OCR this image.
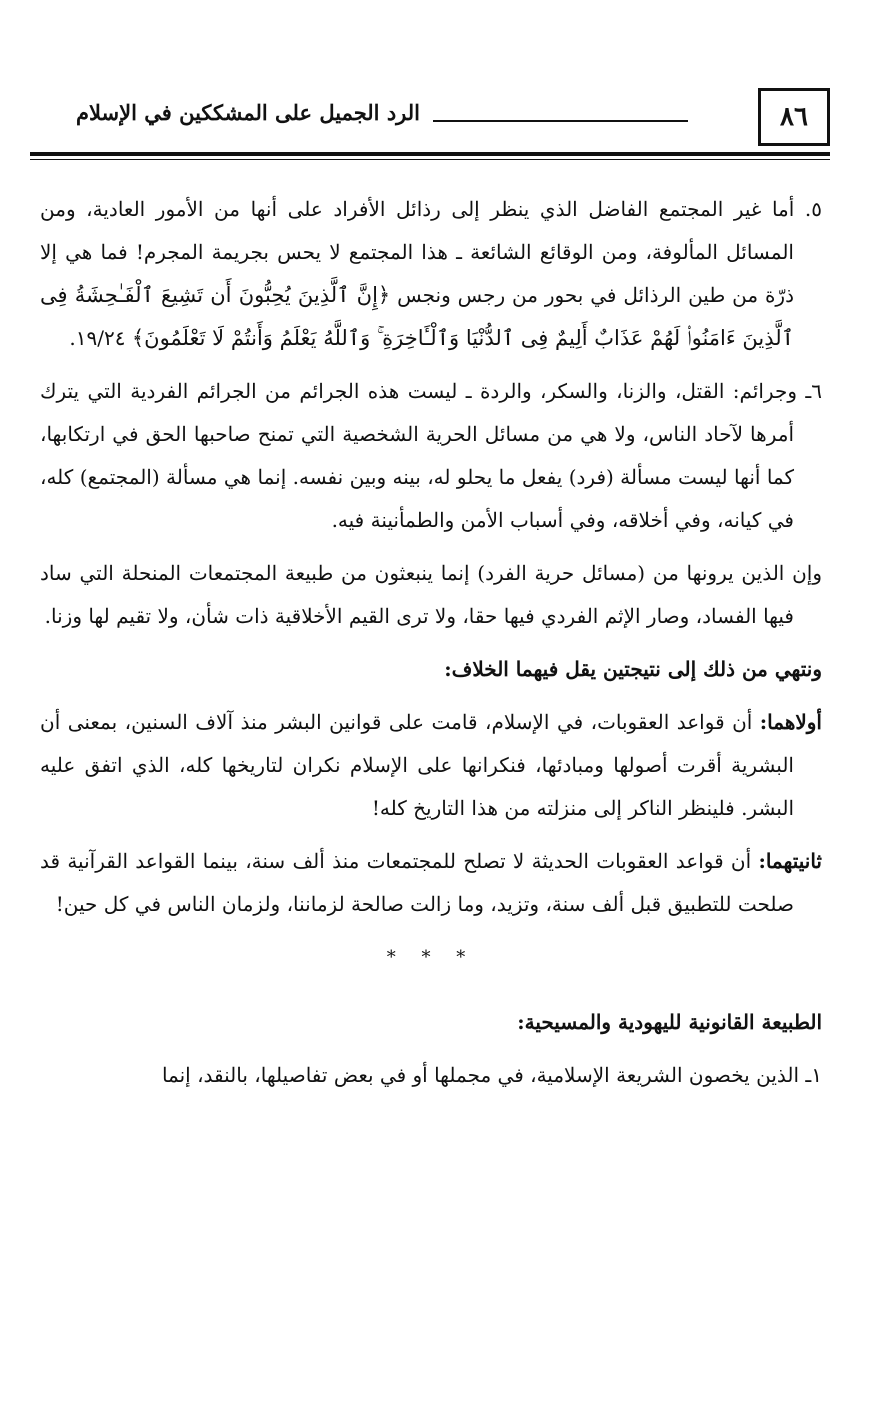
٨٦
الرد الجميل على المشككين في الإسلام

٥. أما غير المجتمع الفاضل الذي ينظر إلى رذائل الأفراد على أنها من الأمور العادية، ومن المسائل المألوفة، ومن الوقائع الشائعة ـ هذا المجتمع لا يحس بجريمة المجرم! فما هي إلا ذرّة من طين الرذائل في بحور من رجس ونجس ﴿إِنَّ ٱلَّذِينَ يُحِبُّونَ أَن تَشِيعَ ٱلْفَـٰحِشَةُ فِى ٱلَّذِينَ ءَامَنُوا۟ لَهُمْ عَذَابٌ أَلِيمٌ فِى ٱلدُّنْيَا وَٱلْـَٔاخِرَةِ ۚ وَٱللَّهُ يَعْلَمُ وَأَنتُمْ لَا تَعْلَمُونَ﴾ ١٩/٢٤.

٦ـ وجرائم: القتل، والزنا، والسكر، والردة ـ ليست هذه الجرائم من الجرائم الفردية التي يترك أمرها لآحاد الناس، ولا هي من مسائل الحرية الشخصية التي تمنح صاحبها الحق في ارتكابها، كما أنها ليست مسألة (فرد) يفعل ما يحلو له، بينه وبين نفسه. إنما هي مسألة (المجتمع) كله، في كيانه، وفي أخلاقه، وفي أسباب الأمن والطمأنينة فيه.

وإن الذين يرونها من (مسائل حرية الفرد) إنما ينبعثون من طبيعة المجتمعات المنحلة التي ساد فيها الفساد، وصار الإثم الفردي فيها حقا، ولا ترى القيم الأخلاقية ذات شأن، ولا تقيم لها وزنا.

ونتهي من ذلك إلى نتيجتين يقل فيهما الخلاف:

أولاهما: أن قواعد العقوبات، في الإسلام، قامت على قوانين البشر منذ آلاف السنين، بمعنى أن البشرية أقرت أصولها ومبادئها، فنكرانها على الإسلام نكران لتاريخها كله، الذي اتفق عليه البشر. فلينظر الناكر إلى منزلته من هذا التاريخ كله!

ثانيتهما: أن قواعد العقوبات الحديثة لا تصلح للمجتمعات منذ ألف سنة، بينما القواعد القرآنية قد صلحت للتطبيق قبل ألف سنة، وتزيد، وما زالت صالحة لزماننا، ولزمان الناس في كل حين!

* * *

الطبيعة القانونية لليهودية والمسيحية:

١ـ الذين يخصون الشريعة الإسلامية، في مجملها أو في بعض تفاصيلها، بالنقد، إنما
